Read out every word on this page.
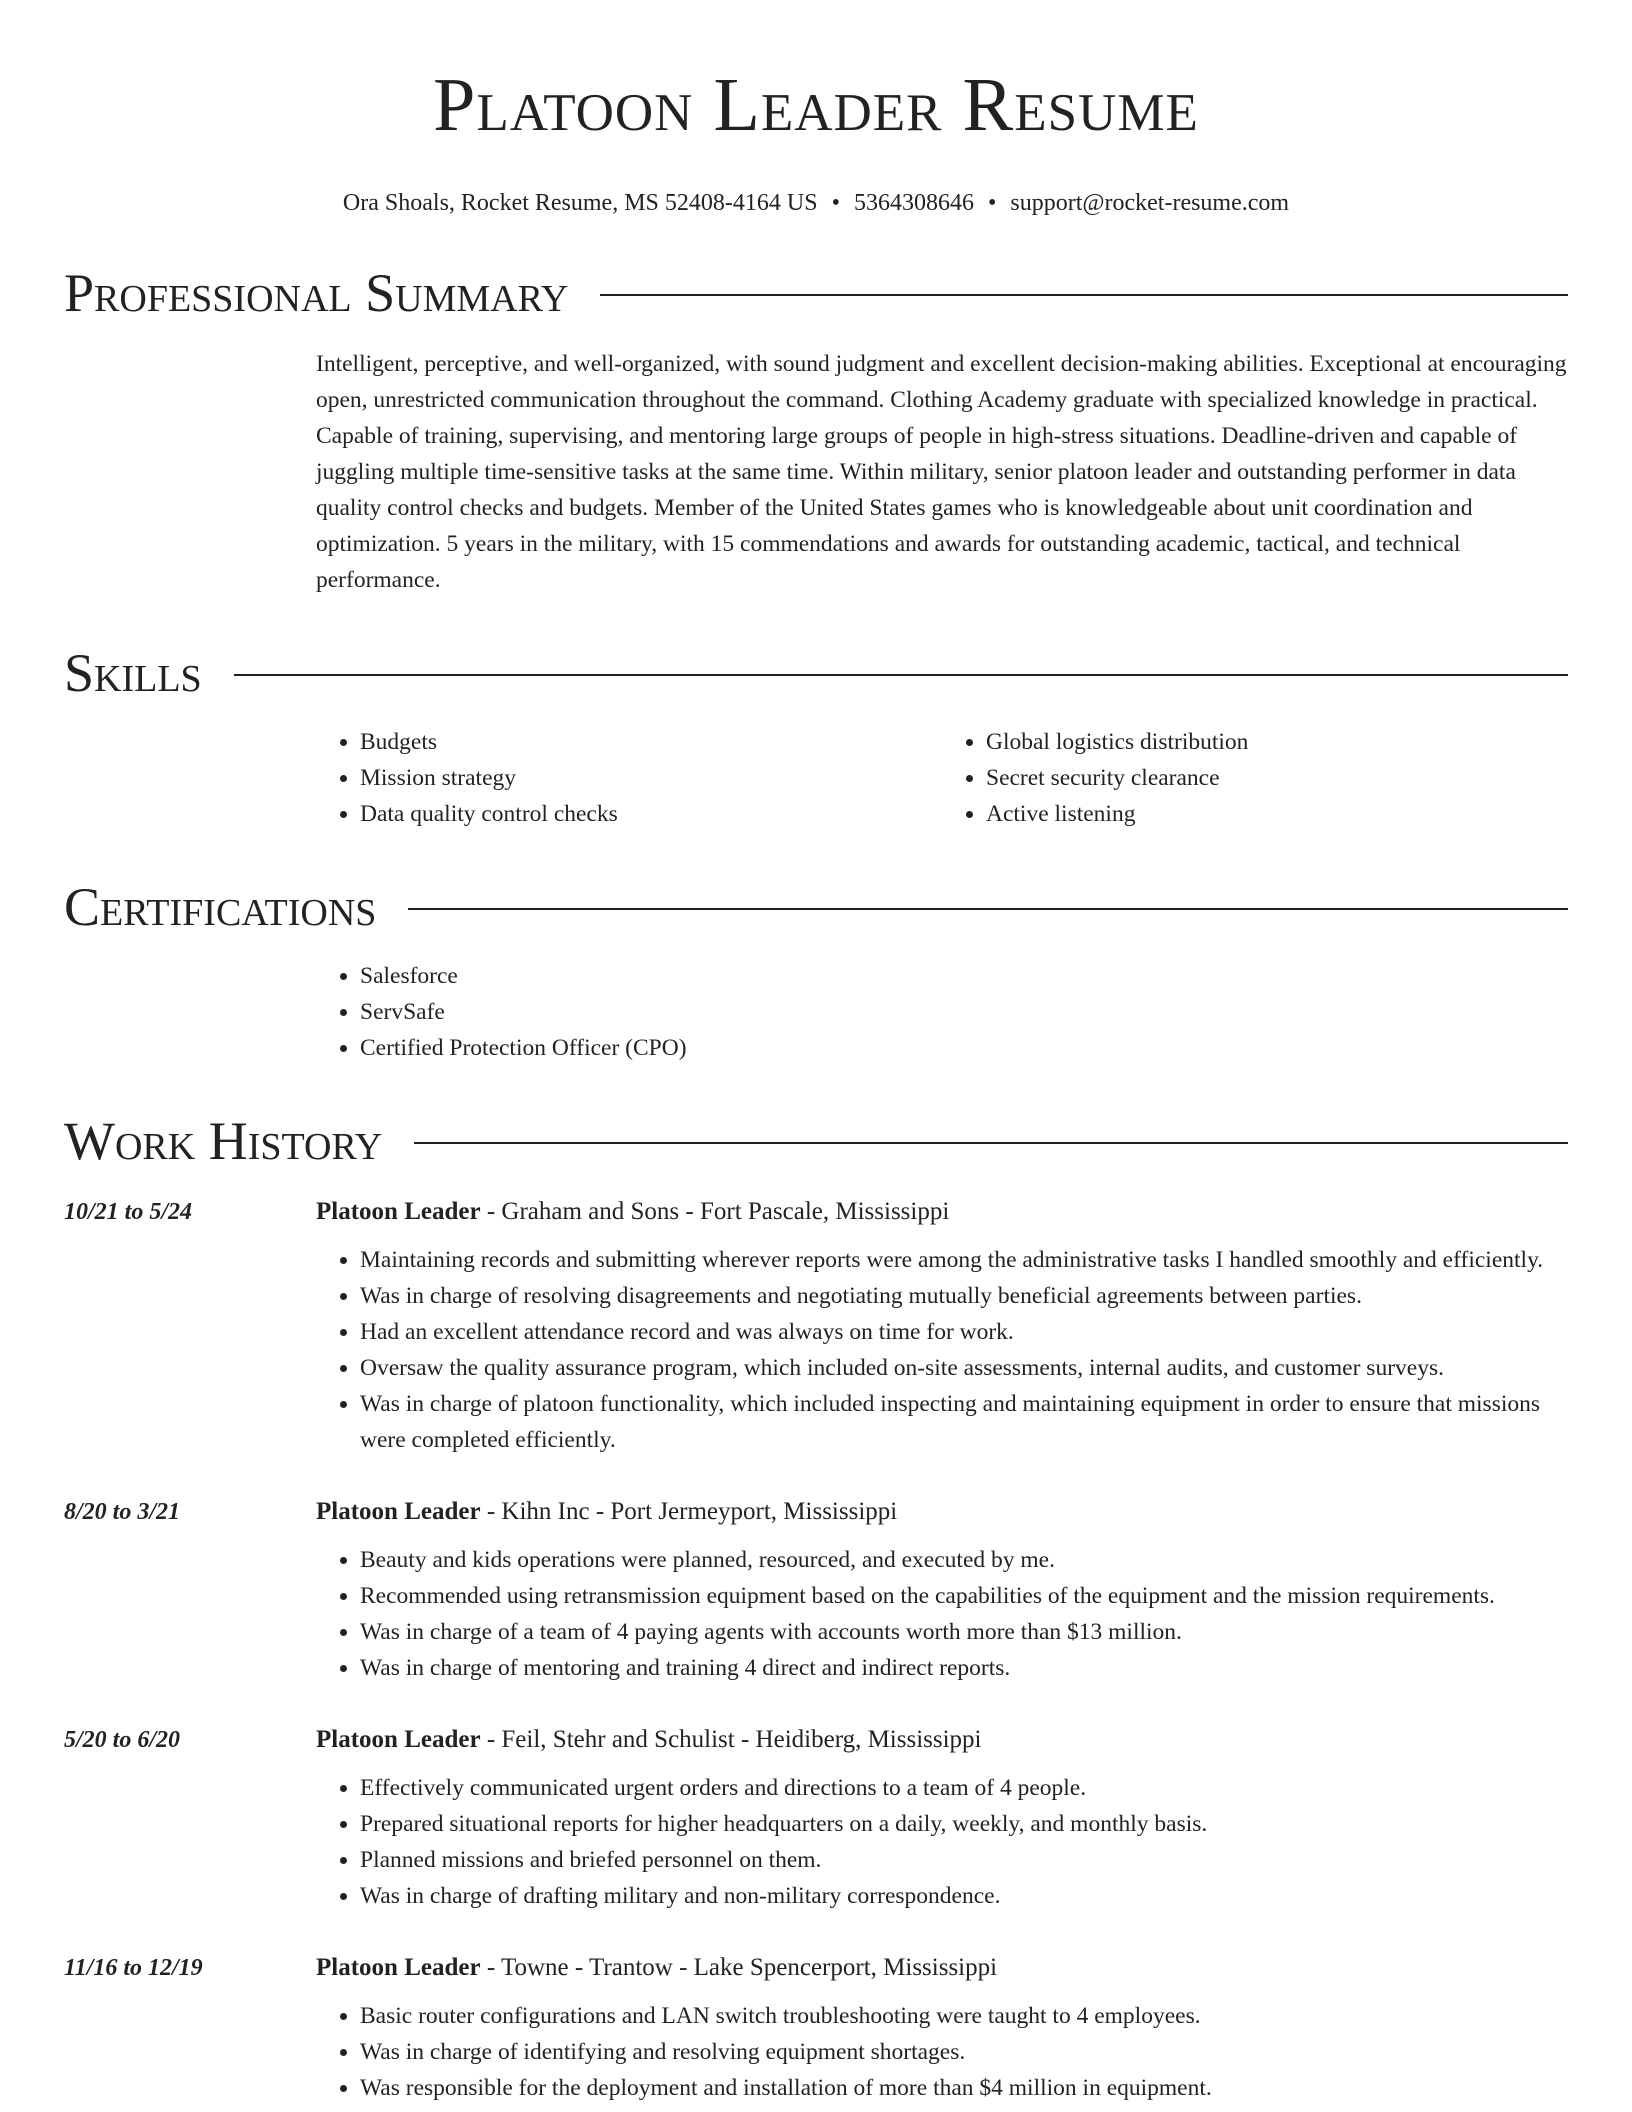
Platoon Leader Resume
Ora Shoals, Rocket Resume, MS 52408-4164 US • 5364308646 • support@rocket-resume.com
Professional Summary
Intelligent, perceptive, and well-organized, with sound judgment and excellent decision-making abilities. Exceptional at encouraging open, unrestricted communication throughout the command. Clothing Academy graduate with specialized knowledge in practical. Capable of training, supervising, and mentoring large groups of people in high-stress situations. Deadline-driven and capable of juggling multiple time-sensitive tasks at the same time. Within military, senior platoon leader and outstanding performer in data quality control checks and budgets. Member of the United States games who is knowledgeable about unit coordination and optimization. 5 years in the military, with 15 commendations and awards for outstanding academic, tactical, and technical performance.
Skills
• Budgets
• Mission strategy
• Data quality control checks
• Global logistics distribution
• Secret security clearance
• Active listening
Certifications
• Salesforce
• ServSafe
• Certified Protection Officer (CPO)
Work History
10/21 to 5/24	Platoon Leader - Graham and Sons - Fort Pascale, Mississippi
• Maintaining records and submitting wherever reports were among the administrative tasks I handled smoothly and efficiently.
• Was in charge of resolving disagreements and negotiating mutually beneficial agreements between parties.
• Had an excellent attendance record and was always on time for work.
• Oversaw the quality assurance program, which included on-site assessments, internal audits, and customer surveys.
• Was in charge of platoon functionality, which included inspecting and maintaining equipment in order to ensure that missions were completed efficiently.
8/20 to 3/21	Platoon Leader - Kihn Inc - Port Jermeyport, Mississippi
• Beauty and kids operations were planned, resourced, and executed by me.
• Recommended using retransmission equipment based on the capabilities of the equipment and the mission requirements.
• Was in charge of a team of 4 paying agents with accounts worth more than $13 million.
• Was in charge of mentoring and training 4 direct and indirect reports.
5/20 to 6/20	Platoon Leader - Feil, Stehr and Schulist - Heidiberg, Mississippi
• Effectively communicated urgent orders and directions to a team of 4 people.
• Prepared situational reports for higher headquarters on a daily, weekly, and monthly basis.
• Planned missions and briefed personnel on them.
• Was in charge of drafting military and non-military correspondence.
11/16 to 12/19	Platoon Leader - Towne - Trantow - Lake Spencerport, Mississippi
• Basic router configurations and LAN switch troubleshooting were taught to 4 employees.
• Was in charge of identifying and resolving equipment shortages.
• Was responsible for the deployment and installation of more than $4 million in equipment.
